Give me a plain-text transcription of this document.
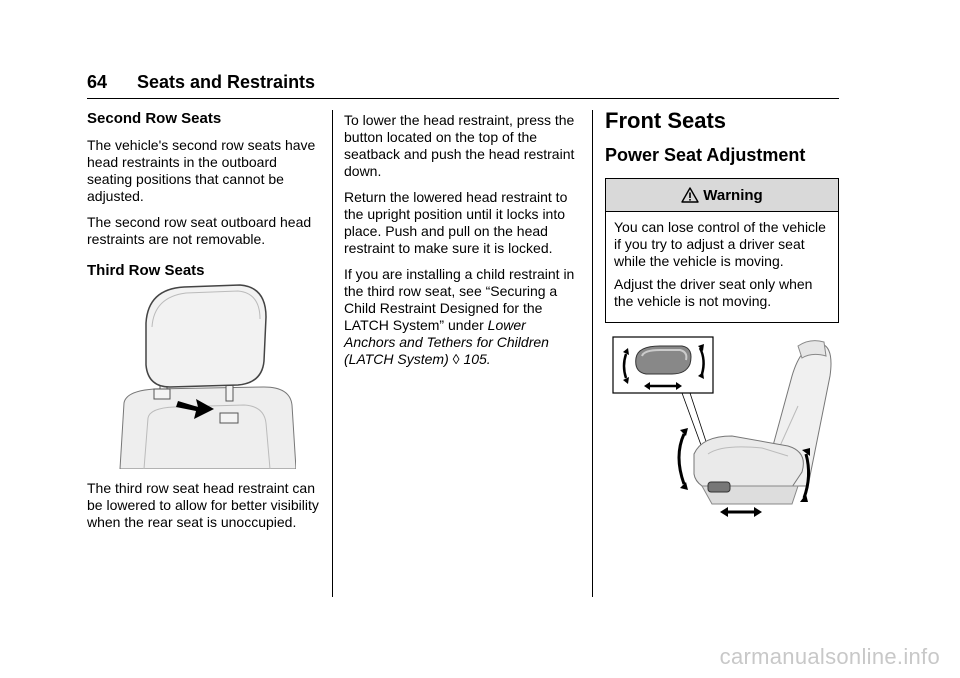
64 Seats and Restraints
Second Row Seats

The vehicle's second row seats have head restraints in the outboard seating positions that cannot be adjusted.

The second row seat outboard head restraints are not removable.

Third Row Seats

The third row seat head restraint can be lowered to allow for better visibility when the rear seat is unoccupied.

To lower the head restraint, press the button located on the top of the seatback and push the head restraint down.

Return the lowered head restraint to the upright position until it locks into place. Push and pull on the head restraint to make sure it is locked.

If you are installing a child restraint in the third row seat, see “Securing a Child Restraint Designed for the LATCH System” under Lower Anchors and Tethers for Children (LATCH System) ◊ 105.

Front Seats
Power Seat Adjustment
Warning

You can lose control of the vehicle if you try to adjust a driver seat while the vehicle is moving.

Adjust the driver seat only when the vehicle is not moving.

carmanualsonline.info
